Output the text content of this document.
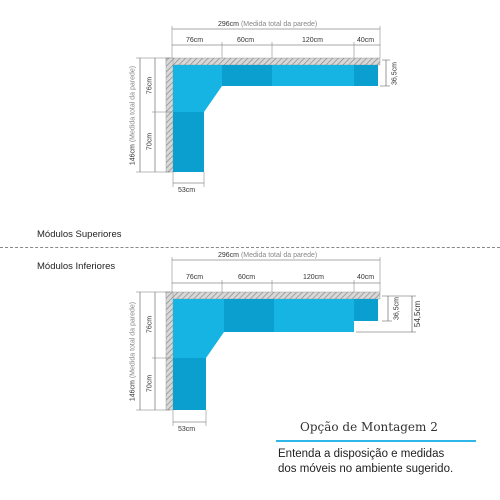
296cm (Medida total da parede)
76cm	60cm	120cm	40cm
36,5cm
146cm (Medida total da parede) 76cm
70cm
53cm
Módulos Superiores
Módulos Inferiores
296cm (Medida total da parede)
76cm	60cm	120cm	40cm
36,5cm 54,5cm
146cm (Medida total da parede) 76cm
70cm
53cm	Opção de Montagem 2
Entenda a disposição e medidas
dos móveis no ambiente sugerido.
